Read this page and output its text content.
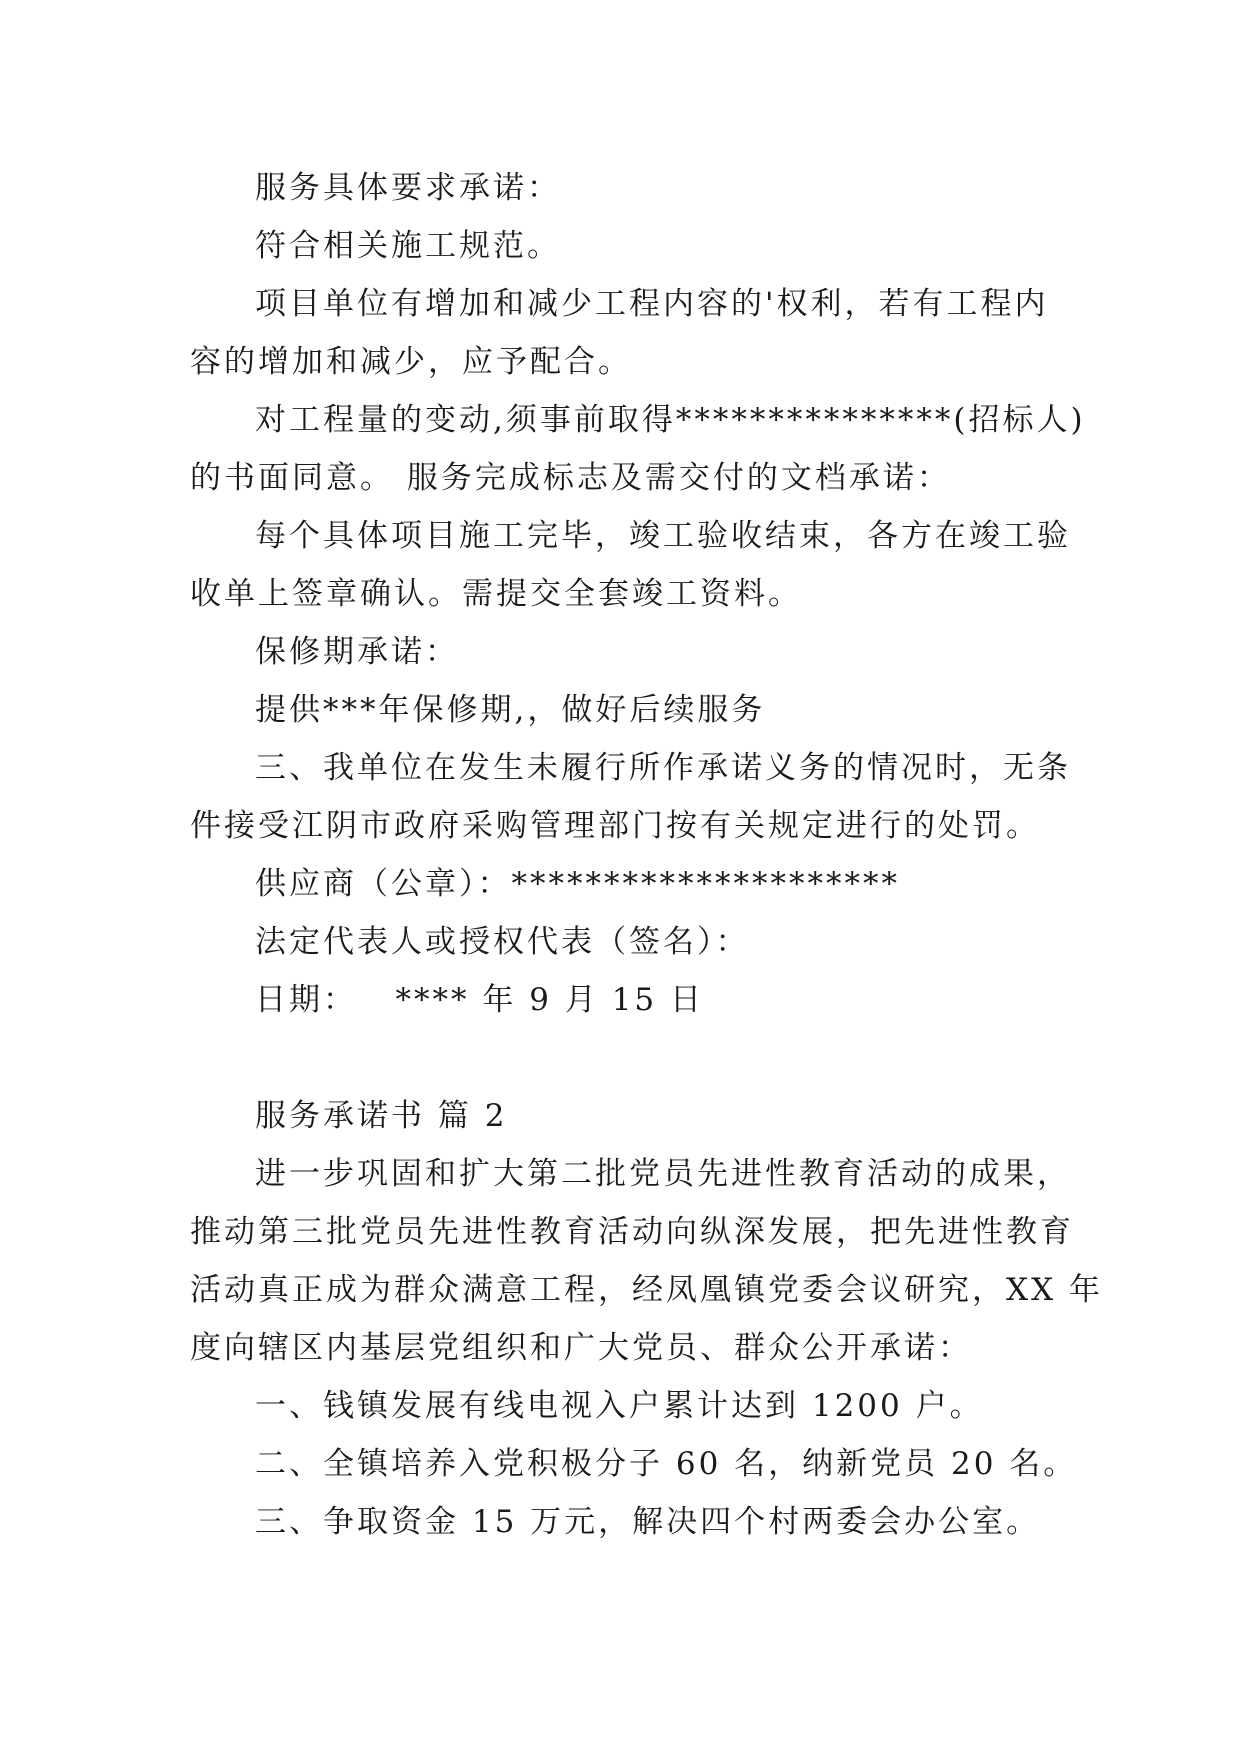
服务具体要求承诺：
符合相关施工规范。
项目单位有增加和减少工程内容的'权利，若有工程内
容的增加和减少，应予配合。
对工程量的变动,须事前取得***************(招标人)
的书面同意。 服务完成标志及需交付的文档承诺：
每个具体项目施工完毕，竣工验收结束，各方在竣工验
收单上签章确认。需提交全套竣工资料。
保修期承诺：
提供***年保修期,，做好后续服务
三、我单位在发生未履行所作承诺义务的情况时，无条
件接受江阴市政府采购管理部门按有关规定进行的处罚。
供应商（公章）：*********************
法定代表人或授权代表（签名）：
日期：   **** 年 9 月 15 日
服务承诺书 篇 2
进一步巩固和扩大第二批党员先进性教育活动的成果，
推动第三批党员先进性教育活动向纵深发展，把先进性教育
活动真正成为群众满意工程，经凤凰镇党委会议研究，XX 年
度向辖区内基层党组织和广大党员、群众公开承诺：
一、钱镇发展有线电视入户累计达到 1200 户。
二、全镇培养入党积极分子 60 名，纳新党员 20 名。
三、争取资金 15 万元，解决四个村两委会办公室。
